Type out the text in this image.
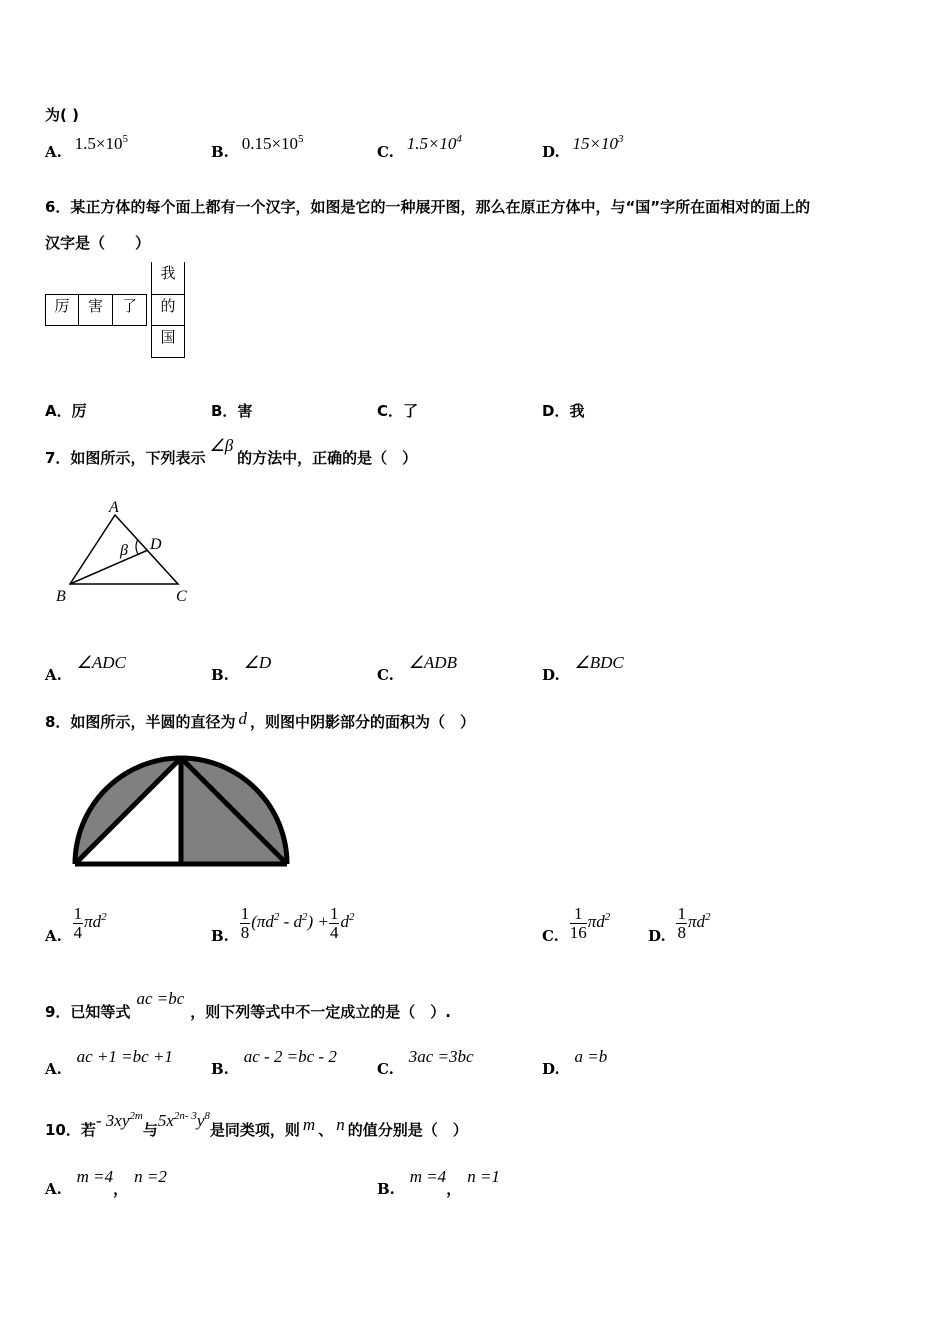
为( )
A. $1.5\times 10^5$
B. $0.15\times 10^5$
C. $1.5\times 10^4$
D. $15\times 10^3$
6．某正方体的每个面上都有一个汉字，如图是它的一种展开图，那么在原正方体中，与“国”字所在面相对的面上的
汉字是（　　）
我
厉	害	了	的
国
A．厉	B．害	C．了	D．我
7．如图所示，下列表示∠β的方法中，正确的是（　）
A
B	C
D
β
A. ∠ADC
B. ∠D
C. ∠ADB
D. ∠BDC
8．如图所示，半圆的直径为 d ，则图中阴影部分的面积为（　）
A. $\frac{1}{4} \pi d^2$
B. $\frac{1}{8} (\pi d^2 - d^2) + \frac{1}{4} d^2$
C. $\frac{1}{16} \pi d^2$
D. $\frac{1}{8} \pi d^2$
9．已知等式ac =bc，则下列等式中不一定成立的是（　）.
A. ac +1 =bc +1
B. ac - 2 =bc - 2
C. 3ac =3bc
D. a =b
10．若- $3xy^{2m}$与$5x^{2n- 3}y^8$是同类项，则 m 、 n 的值分别是（　）
A. m =4，n =2
B. m =4，n =1
